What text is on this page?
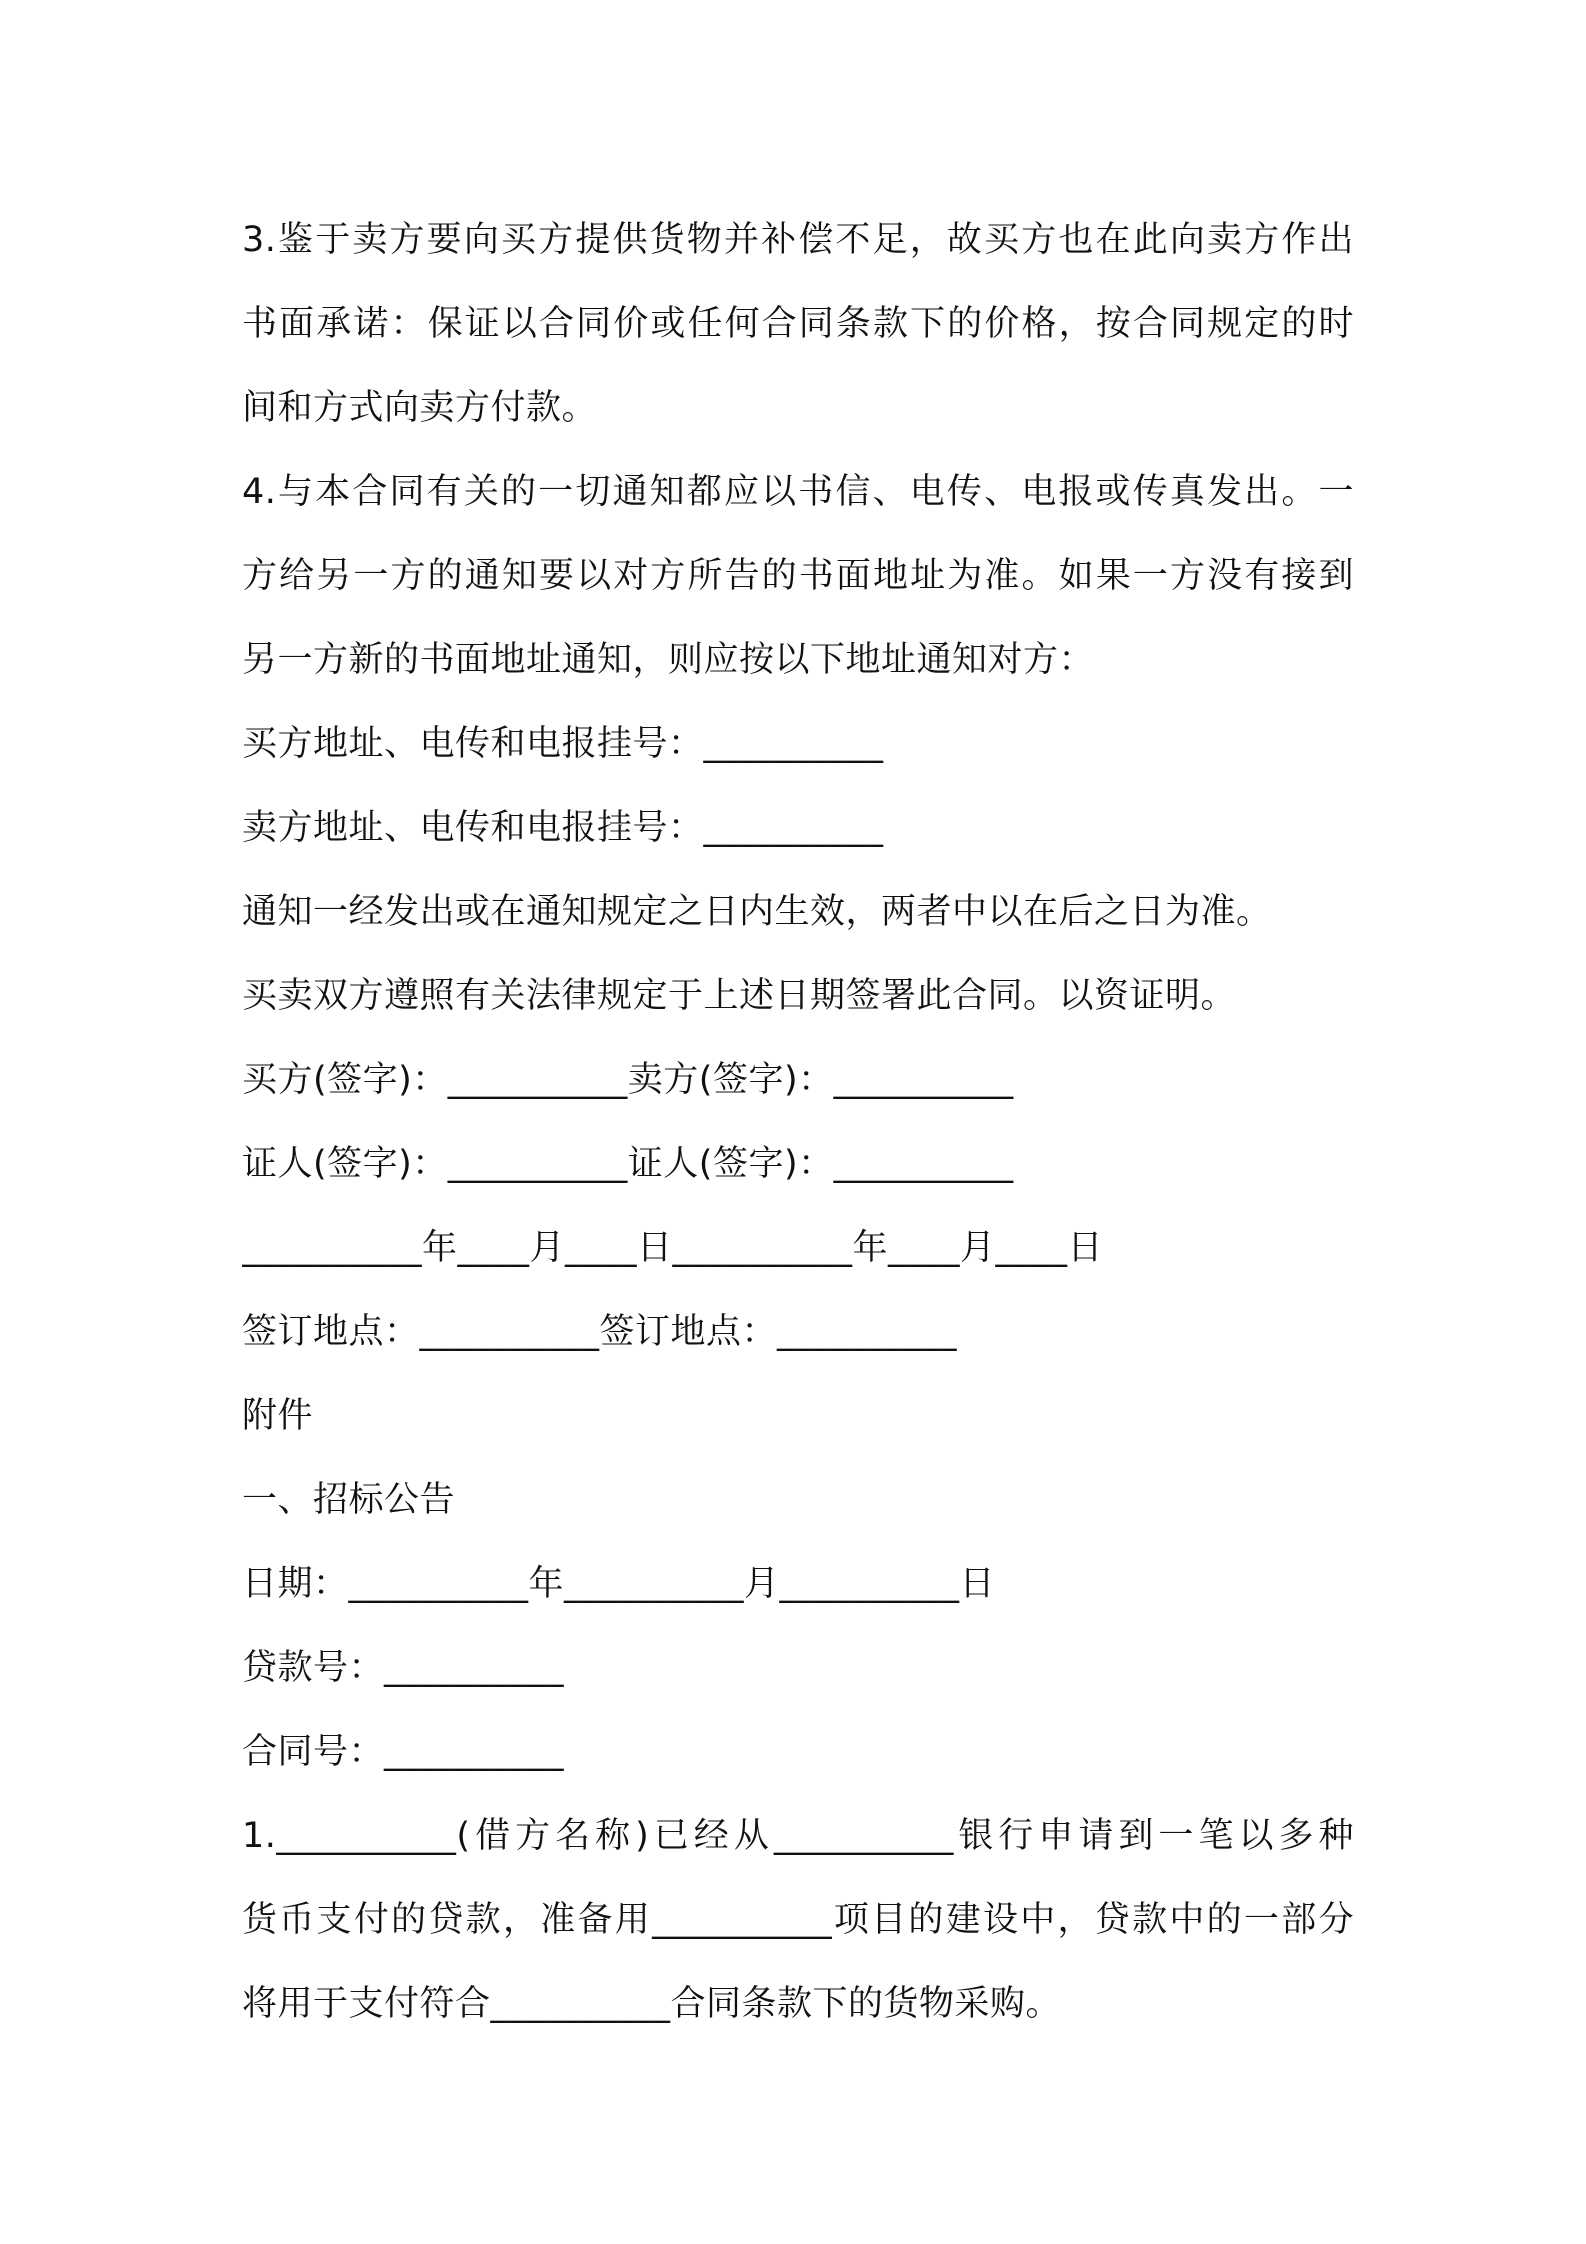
3.鉴于卖方要向买方提供货物并补偿不足，故买方也在此向卖方作出
书面承诺：保证以合同价或任何合同条款下的价格，按合同规定的时
间和方式向卖方付款。
4.与本合同有关的一切通知都应以书信、电传、电报或传真发出。一
方给另一方的通知要以对方所告的书面地址为准。如果一方没有接到
另一方新的书面地址通知，则应按以下地址通知对方：
买方地址、电传和电报挂号：__________
卖方地址、电传和电报挂号：__________
通知一经发出或在通知规定之日内生效，两者中以在后之日为准。
买卖双方遵照有关法律规定于上述日期签署此合同。以资证明。
买方(签字)：__________卖方(签字)：__________
证人(签字)：__________证人(签字)：__________
__________年____月____日__________年____月____日
签订地点：__________签订地点：__________
附件
一、招标公告
日期：__________年__________月__________日
贷款号：__________
合同号：__________
1.__________(借方名称)已经从__________银行申请到一笔以多种
货币支付的贷款，准备用__________项目的建设中，贷款中的一部分
将用于支付符合__________合同条款下的货物采购。
